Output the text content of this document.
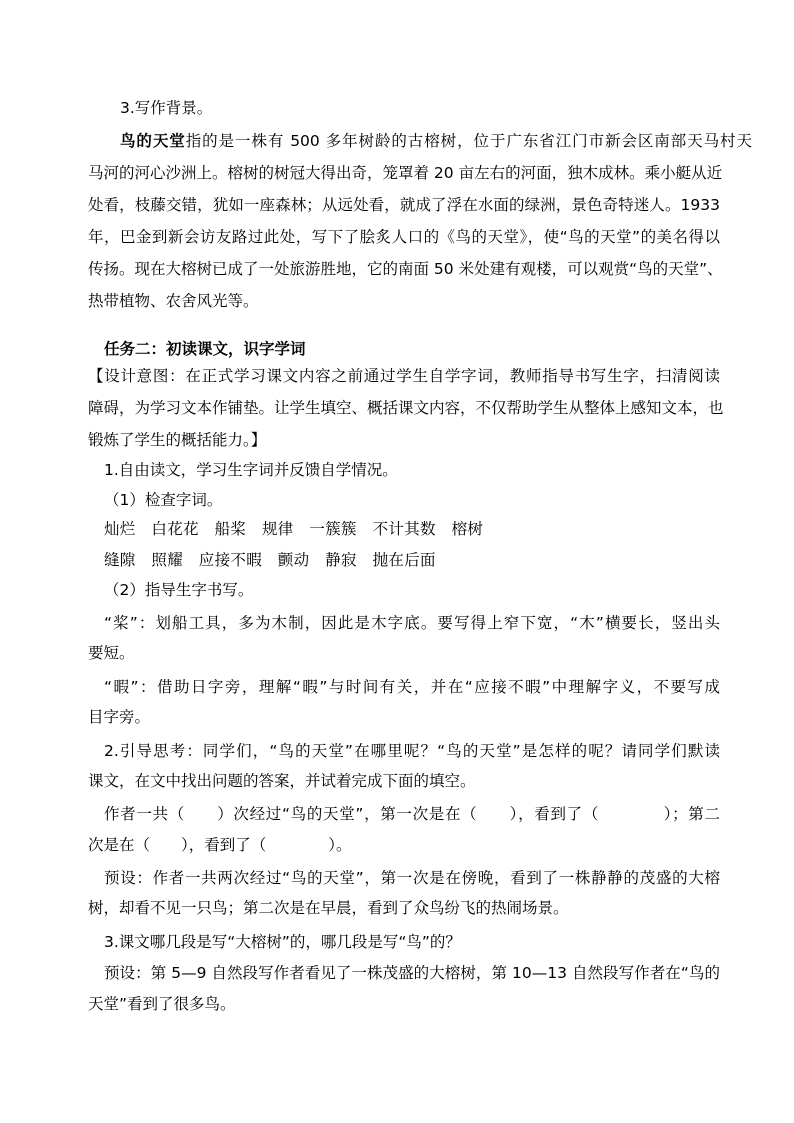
3.写作背景。
鸟的天堂指的是一株有 500 多年树龄的古榕树，位于广东省江门市新会区南部天马村天
马河的河心沙洲上。榕树的树冠大得出奇，笼罩着 20 亩左右的河面，独木成林。乘小艇从近
处看，枝藤交错，犹如一座森林；从远处看，就成了浮在水面的绿洲，景色奇特迷人。1933
年，巴金到新会访友路过此处，写下了脍炙人口的《鸟的天堂》，使“鸟的天堂”的美名得以
传扬。现在大榕树已成了一处旅游胜地，它的南面 50 米处建有观楼，可以观赏“鸟的天堂”、
热带植物、农舍风光等。
任务二：初读课文，识字学词
【设计意图：在正式学习课文内容之前通过学生自学字词，教师指导书写生字，扫清阅读
障碍，为学习文本作铺垫。让学生填空、概括课文内容，不仅帮助学生从整体上感知文本，也
锻炼了学生的概括能力。】
1.自由读文，学习生字词并反馈自学情况。
（1）检查字词。
灿烂　白花花　船桨　规律　一簇簇　不计其数　榕树
缝隙　照耀　应接不暇　颤动　静寂　抛在后面
（2）指导生字书写。
“桨”：划船工具，多为木制，因此是木字底。要写得上窄下宽，“木”横要长，竖出头
要短。
“暇”：借助日字旁，理解“暇”与时间有关，并在“应接不暇”中理解字义，不要写成
目字旁。
2.引导思考：同学们，“鸟的天堂”在哪里呢？“鸟的天堂”是怎样的呢？请同学们默读
课文，在文中找出问题的答案，并试着完成下面的填空。
作者一共（　　）次经过“鸟的天堂”，第一次是在（　　），看到了（　　　　）；第二
次是在（　　），看到了（　　　　）。
预设：作者一共两次经过“鸟的天堂”，第一次是在傍晚，看到了一株静静的茂盛的大榕
树，却看不见一只鸟；第二次是在早晨，看到了众鸟纷飞的热闹场景。
3.课文哪几段是写“大榕树”的，哪几段是写“鸟”的？
预设：第 5—9 自然段写作者看见了一株茂盛的大榕树，第 10—13 自然段写作者在“鸟的
天堂”看到了很多鸟。
